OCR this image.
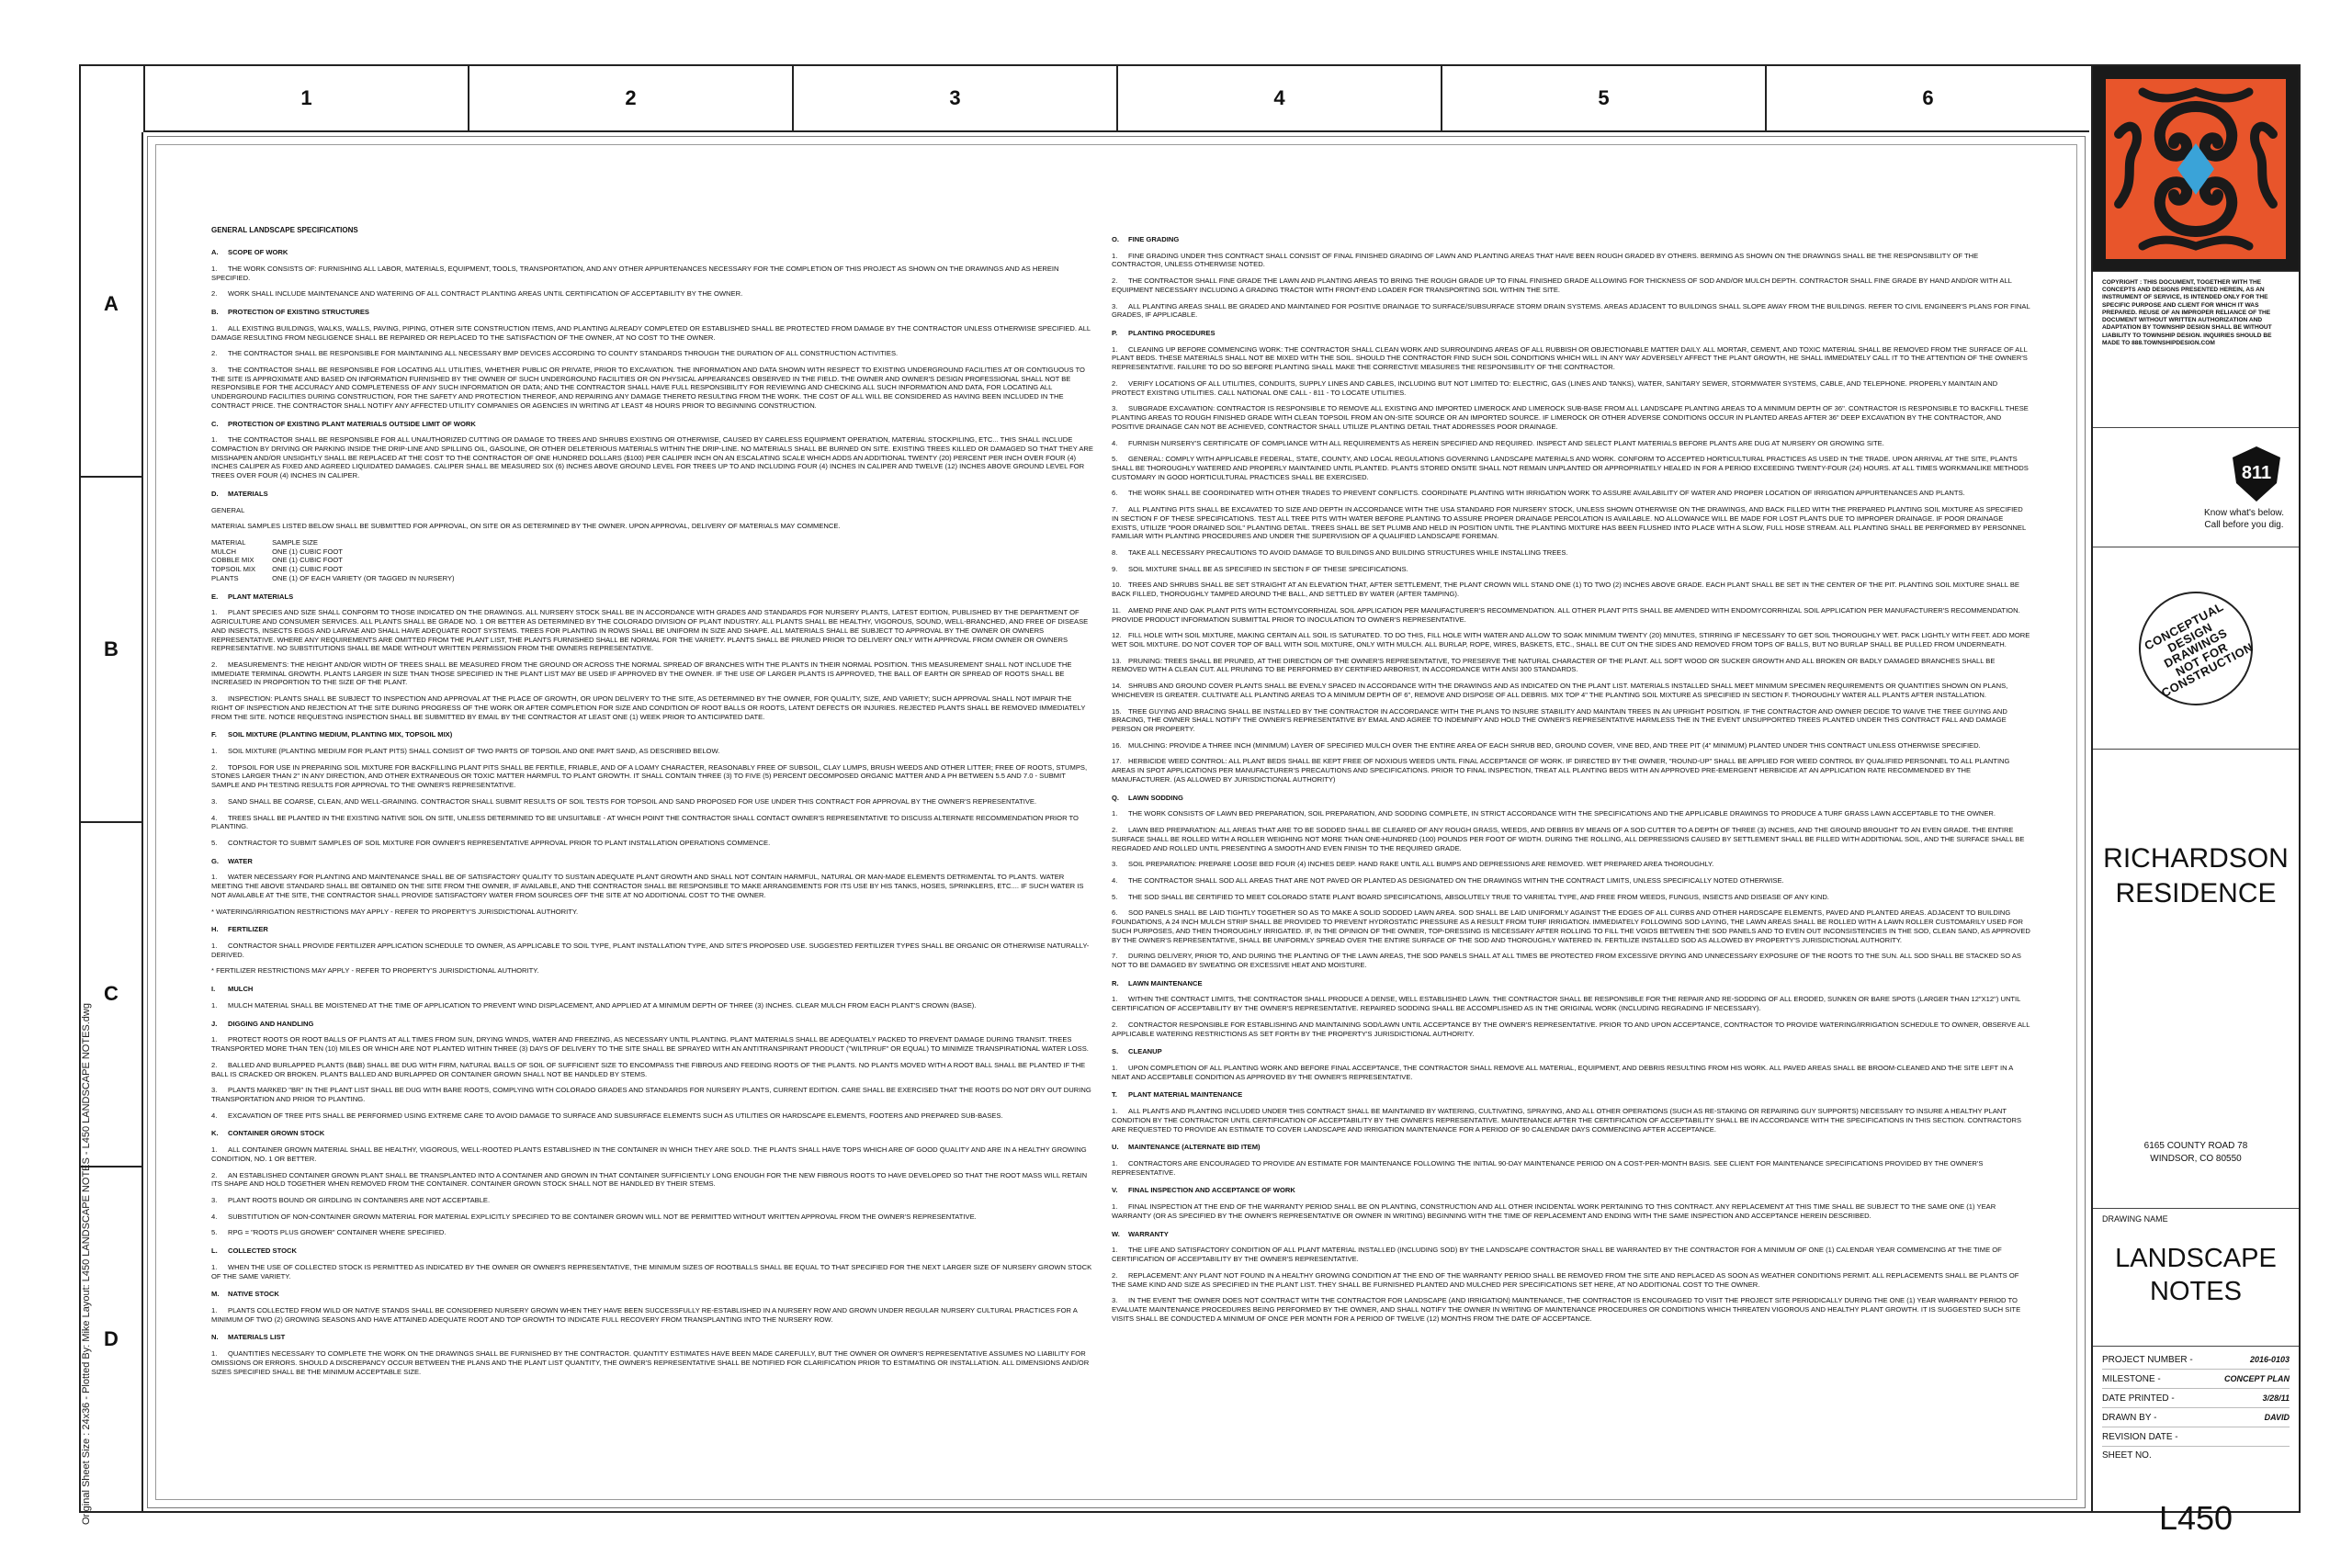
Original Sheet Size : 24x36 - Plotted By: Mike Layout: L450 LANDSCAPE NOTES - L450 LANDSCAPE NOTES.dwg
1	2	3	4	5	6
A
B
C
D
GENERAL LANDSCAPE SPECIFICATIONS
A. SCOPE OF WORK
1. THE WORK CONSISTS OF: FURNISHING ALL LABOR, MATERIALS, EQUIPMENT, TOOLS, TRANSPORTATION, AND ANY OTHER APPURTENANCES NECESSARY FOR THE COMPLETION OF THIS PROJECT AS SHOWN ON THE DRAWINGS AND AS HEREIN SPECIFIED.
2. WORK SHALL INCLUDE MAINTENANCE AND WATERING OF ALL CONTRACT PLANTING AREAS UNTIL CERTIFICATION OF ACCEPTABILITY BY THE OWNER.
B. PROTECTION OF EXISTING STRUCTURES
1. ALL EXISTING BUILDINGS, WALKS, WALLS, PAVING, PIPING, OTHER SITE CONSTRUCTION ITEMS, AND PLANTING ALREADY COMPLETED OR ESTABLISHED SHALL BE PROTECTED FROM DAMAGE BY THE CONTRACTOR UNLESS OTHERWISE SPECIFIED. ALL DAMAGE RESULTING FROM NEGLIGENCE SHALL BE REPAIRED OR REPLACED TO THE SATISFACTION OF THE OWNER, AT NO COST TO THE OWNER.
2. THE CONTRACTOR SHALL BE RESPONSIBLE FOR MAINTAINING ALL NECESSARY BMP DEVICES ACCORDING TO COUNTY STANDARDS THROUGH THE DURATION OF ALL CONSTRUCTION ACTIVITIES.
3. THE CONTRACTOR SHALL BE RESPONSIBLE FOR LOCATING ALL UTILITIES, WHETHER PUBLIC OR PRIVATE, PRIOR TO EXCAVATION. THE INFORMATION AND DATA SHOWN WITH RESPECT TO EXISTING UNDERGROUND FACILITIES AT OR CONTIGUOUS TO THE SITE IS APPROXIMATE AND BASED ON INFORMATION FURNISHED BY THE OWNER OF SUCH UNDERGROUND FACILITIES OR ON PHYSICAL APPEARANCES OBSERVED IN THE FIELD. THE OWNER AND OWNER'S DESIGN PROFESSIONAL SHALL NOT BE RESPONSIBLE FOR THE ACCURACY AND COMPLETENESS OF ANY SUCH INFORMATION OR DATA; AND THE CONTRACTOR SHALL HAVE FULL RESPONSIBILITY FOR REVIEWING AND CHECKING ALL SUCH INFORMATION AND DATA, FOR LOCATING ALL UNDERGROUND FACILITIES DURING CONSTRUCTION, FOR THE SAFETY AND PROTECTION THEREOF, AND REPAIRING ANY DAMAGE THERETO RESULTING FROM THE WORK. THE COST OF ALL WILL BE CONSIDERED AS HAVING BEEN INCLUDED IN THE CONTRACT PRICE. THE CONTRACTOR SHALL NOTIFY ANY AFFECTED UTILITY COMPANIES OR AGENCIES IN WRITING AT LEAST 48 HOURS PRIOR TO BEGINNING CONSTRUCTION.
C. PROTECTION OF EXISTING PLANT MATERIALS OUTSIDE LIMIT OF WORK
1. THE CONTRACTOR SHALL BE RESPONSIBLE FOR ALL UNAUTHORIZED CUTTING OR DAMAGE TO TREES AND SHRUBS EXISTING OR OTHERWISE, CAUSED BY CARELESS EQUIPMENT OPERATION, MATERIAL STOCKPILING, ETC... THIS SHALL INCLUDE COMPACTION BY DRIVING OR PARKING INSIDE THE DRIP-LINE AND SPILLING OIL, GASOLINE, OR OTHER DELETERIOUS MATERIALS WITHIN THE DRIP-LINE. NO MATERIALS SHALL BE BURNED ON SITE. EXISTING TREES KILLED OR DAMAGED SO THAT THEY ARE MISSHAPEN AND/OR UNSIGHTLY SHALL BE REPLACED AT THE COST TO THE CONTRACTOR OF ONE HUNDRED DOLLARS ($100) PER CALIPER INCH ON AN ESCALATING SCALE WHICH ADDS AN ADDITIONAL TWENTY (20) PERCENT PER INCH OVER FOUR (4) INCHES CALIPER AS FIXED AND AGREED LIQUIDATED DAMAGES. CALIPER SHALL BE MEASURED SIX (6) INCHES ABOVE GROUND LEVEL FOR TREES UP TO AND INCLUDING FOUR (4) INCHES IN CALIPER AND TWELVE (12) INCHES ABOVE GROUND LEVEL FOR TREES OVER FOUR (4) INCHES IN CALIPER.
D. MATERIALS
GENERAL
MATERIAL SAMPLES LISTED BELOW SHALL BE SUBMITTED FOR APPROVAL, ON SITE OR AS DETERMINED BY THE OWNER. UPON APPROVAL, DELIVERY OF MATERIALS MAY COMMENCE.
MATERIAL	SAMPLE SIZE
MULCH	ONE (1) CUBIC FOOT
COBBLE MIX	ONE (1) CUBIC FOOT
TOPSOIL MIX	ONE (1) CUBIC FOOT
PLANTS	ONE (1) OF EACH VARIETY (OR TAGGED IN NURSERY)
E. PLANT MATERIALS
1. PLANT SPECIES AND SIZE SHALL CONFORM TO THOSE INDICATED ON THE DRAWINGS. ALL NURSERY STOCK SHALL BE IN ACCORDANCE WITH GRADES AND STANDARDS FOR NURSERY PLANTS, LATEST EDITION, PUBLISHED BY THE DEPARTMENT OF AGRICULTURE AND CONSUMER SERVICES. ALL PLANTS SHALL BE GRADE NO. 1 OR BETTER AS DETERMINED BY THE COLORADO DIVISION OF PLANT INDUSTRY. ALL PLANTS SHALL BE HEALTHY, VIGOROUS, SOUND, WELL-BRANCHED, AND FREE OF DISEASE AND INSECTS, INSECTS EGGS AND LARVAE AND SHALL HAVE ADEQUATE ROOT SYSTEMS. TREES FOR PLANTING IN ROWS SHALL BE UNIFORM IN SIZE AND SHAPE. ALL MATERIALS SHALL BE SUBJECT TO APPROVAL BY THE OWNER OR OWNERS REPRESENTATIVE. WHERE ANY REQUIREMENTS ARE OMITTED FROM THE PLANT LIST, THE PLANTS FURNISHED SHALL BE NORMAL FOR THE VARIETY. PLANTS SHALL BE PRUNED PRIOR TO DELIVERY ONLY WITH APPROVAL FROM OWNER OR OWNERS REPRESENTATIVE. NO SUBSTITUTIONS SHALL BE MADE WITHOUT WRITTEN PERMISSION FROM THE OWNERS REPRESENTATIVE.
2. MEASUREMENTS: THE HEIGHT AND/OR WIDTH OF TREES SHALL BE MEASURED FROM THE GROUND OR ACROSS THE NORMAL SPREAD OF BRANCHES WITH THE PLANTS IN THEIR NORMAL POSITION. THIS MEASUREMENT SHALL NOT INCLUDE THE IMMEDIATE TERMINAL GROWTH. PLANTS LARGER IN SIZE THAN THOSE SPECIFIED IN THE PLANT LIST MAY BE USED IF APPROVED BY THE OWNER. IF THE USE OF LARGER PLANTS IS APPROVED, THE BALL OF EARTH OR SPREAD OF ROOTS SHALL BE INCREASED IN PROPORTION TO THE SIZE OF THE PLANT.
3. INSPECTION: PLANTS SHALL BE SUBJECT TO INSPECTION AND APPROVAL AT THE PLACE OF GROWTH, OR UPON DELIVERY TO THE SITE, AS DETERMINED BY THE OWNER, FOR QUALITY, SIZE, AND VARIETY; SUCH APPROVAL SHALL NOT IMPAIR THE RIGHT OF INSPECTION AND REJECTION AT THE SITE DURING PROGRESS OF THE WORK OR AFTER COMPLETION FOR SIZE AND CONDITION OF ROOT BALLS OR ROOTS, LATENT DEFECTS OR INJURIES. REJECTED PLANTS SHALL BE REMOVED IMMEDIATELY FROM THE SITE. NOTICE REQUESTING INSPECTION SHALL BE SUBMITTED BY EMAIL BY THE CONTRACTOR AT LEAST ONE (1) WEEK PRIOR TO ANTICIPATED DATE.
F. SOIL MIXTURE (PLANTING MEDIUM, PLANTING MIX, TOPSOIL MIX)
1. SOIL MIXTURE (PLANTING MEDIUM FOR PLANT PITS) SHALL CONSIST OF TWO PARTS OF TOPSOIL AND ONE PART SAND, AS DESCRIBED BELOW.
2. TOPSOIL FOR USE IN PREPARING SOIL MIXTURE FOR BACKFILLING PLANT PITS SHALL BE FERTILE, FRIABLE, AND OF A LOAMY CHARACTER, REASONABLY FREE OF SUBSOIL, CLAY LUMPS, BRUSH WEEDS AND OTHER LITTER; FREE OF ROOTS, STUMPS, STONES LARGER THAN 2" IN ANY DIRECTION, AND OTHER EXTRANEOUS OR TOXIC MATTER HARMFUL TO PLANT GROWTH. IT SHALL CONTAIN THREE (3) TO FIVE (5) PERCENT DECOMPOSED ORGANIC MATTER AND A PH BETWEEN 5.5 AND 7.0 - SUBMIT SAMPLE AND PH TESTING RESULTS FOR APPROVAL TO THE OWNER'S REPRESENTATIVE.
3. SAND SHALL BE COARSE, CLEAN, AND WELL-GRAINING. CONTRACTOR SHALL SUBMIT RESULTS OF SOIL TESTS FOR TOPSOIL AND SAND PROPOSED FOR USE UNDER THIS CONTRACT FOR APPROVAL BY THE OWNER'S REPRESENTATIVE.
4. TREES SHALL BE PLANTED IN THE EXISTING NATIVE SOIL ON SITE, UNLESS DETERMINED TO BE UNSUITABLE - AT WHICH POINT THE CONTRACTOR SHALL CONTACT OWNER'S REPRESENTATIVE TO DISCUSS ALTERNATE RECOMMENDATION PRIOR TO PLANTING.
5. CONTRACTOR TO SUBMIT SAMPLES OF SOIL MIXTURE FOR OWNER'S REPRESENTATIVE APPROVAL PRIOR TO PLANT INSTALLATION OPERATIONS COMMENCE.
G. WATER
1. WATER NECESSARY FOR PLANTING AND MAINTENANCE SHALL BE OF SATISFACTORY QUALITY TO SUSTAIN ADEQUATE PLANT GROWTH AND SHALL NOT CONTAIN HARMFUL, NATURAL OR MAN-MADE ELEMENTS DETRIMENTAL TO PLANTS. WATER MEETING THE ABOVE STANDARD SHALL BE OBTAINED ON THE SITE FROM THE OWNER, IF AVAILABLE, AND THE CONTRACTOR SHALL BE RESPONSIBLE TO MAKE ARRANGEMENTS FOR ITS USE BY HIS TANKS, HOSES, SPRINKLERS, ETC.... IF SUCH WATER IS NOT AVAILABLE AT THE SITE, THE CONTRACTOR SHALL PROVIDE SATISFACTORY WATER FROM SOURCES OFF THE SITE AT NO ADDITIONAL COST TO THE OWNER.
* WATERING/IRRIGATION RESTRICTIONS MAY APPLY - REFER TO PROPERTY'S JURISDICTIONAL AUTHORITY.
H. FERTILIZER
1. CONTRACTOR SHALL PROVIDE FERTILIZER APPLICATION SCHEDULE TO OWNER, AS APPLICABLE TO SOIL TYPE, PLANT INSTALLATION TYPE, AND SITE'S PROPOSED USE. SUGGESTED FERTILIZER TYPES SHALL BE ORGANIC OR OTHERWISE NATURALLY-DERIVED.
* FERTILIZER RESTRICTIONS MAY APPLY - REFER TO PROPERTY'S JURISDICTIONAL AUTHORITY.
I. MULCH
1. MULCH MATERIAL SHALL BE MOISTENED AT THE TIME OF APPLICATION TO PREVENT WIND DISPLACEMENT, AND APPLIED AT A MINIMUM DEPTH OF THREE (3) INCHES. CLEAR MULCH FROM EACH PLANT'S CROWN (BASE).
J. DIGGING AND HANDLING
1. PROTECT ROOTS OR ROOT BALLS OF PLANTS AT ALL TIMES FROM SUN, DRYING WINDS, WATER AND FREEZING, AS NECESSARY UNTIL PLANTING. PLANT MATERIALS SHALL BE ADEQUATELY PACKED TO PREVENT DAMAGE DURING TRANSIT. TREES TRANSPORTED MORE THAN TEN (10) MILES OR WHICH ARE NOT PLANTED WITHIN THREE (3) DAYS OF DELIVERY TO THE SITE SHALL BE SPRAYED WITH AN ANTITRANSPIRANT PRODUCT ("WILTPRUF" OR EQUAL) TO MINIMIZE TRANSPIRATIONAL WATER LOSS.
2. BALLED AND BURLAPPED PLANTS (B&B) SHALL BE DUG WITH FIRM, NATURAL BALLS OF SOIL OF SUFFICIENT SIZE TO ENCOMPASS THE FIBROUS AND FEEDING ROOTS OF THE PLANTS. NO PLANTS MOVED WITH A ROOT BALL SHALL BE PLANTED IF THE BALL IS CRACKED OR BROKEN. PLANTS BALLED AND BURLAPPED OR CONTAINER GROWN SHALL NOT BE HANDLED BY STEMS.
3. PLANTS MARKED "BR" IN THE PLANT LIST SHALL BE DUG WITH BARE ROOTS, COMPLYING WITH COLORADO GRADES AND STANDARDS FOR NURSERY PLANTS, CURRENT EDITION. CARE SHALL BE EXERCISED THAT THE ROOTS DO NOT DRY OUT DURING TRANSPORTATION AND PRIOR TO PLANTING.
4. EXCAVATION OF TREE PITS SHALL BE PERFORMED USING EXTREME CARE TO AVOID DAMAGE TO SURFACE AND SUBSURFACE ELEMENTS SUCH AS UTILITIES OR HARDSCAPE ELEMENTS, FOOTERS AND PREPARED SUB-BASES.
K. CONTAINER GROWN STOCK
1. ALL CONTAINER GROWN MATERIAL SHALL BE HEALTHY, VIGOROUS, WELL-ROOTED PLANTS ESTABLISHED IN THE CONTAINER IN WHICH THEY ARE SOLD. THE PLANTS SHALL HAVE TOPS WHICH ARE OF GOOD QUALITY AND ARE IN A HEALTHY GROWING CONDITION, NO. 1 OR BETTER.
2. AN ESTABLISHED CONTAINER GROWN PLANT SHALL BE TRANSPLANTED INTO A CONTAINER AND GROWN IN THAT CONTAINER SUFFICIENTLY LONG ENOUGH FOR THE NEW FIBROUS ROOTS TO HAVE DEVELOPED SO THAT THE ROOT MASS WILL RETAIN ITS SHAPE AND HOLD TOGETHER WHEN REMOVED FROM THE CONTAINER. CONTAINER GROWN STOCK SHALL NOT BE HANDLED BY THEIR STEMS.
3. PLANT ROOTS BOUND OR GIRDLING IN CONTAINERS ARE NOT ACCEPTABLE.
4. SUBSTITUTION OF NON-CONTAINER GROWN MATERIAL FOR MATERIAL EXPLICITLY SPECIFIED TO BE CONTAINER GROWN WILL NOT BE PERMITTED WITHOUT WRITTEN APPROVAL FROM THE OWNER'S REPRESENTATIVE.
5. RPG = "ROOTS PLUS GROWER" CONTAINER WHERE SPECIFIED.
L. COLLECTED STOCK
1. WHEN THE USE OF COLLECTED STOCK IS PERMITTED AS INDICATED BY THE OWNER OR OWNER'S REPRESENTATIVE, THE MINIMUM SIZES OF ROOTBALLS SHALL BE EQUAL TO THAT SPECIFIED FOR THE NEXT LARGER SIZE OF NURSERY GROWN STOCK OF THE SAME VARIETY.
M. NATIVE STOCK
1. PLANTS COLLECTED FROM WILD OR NATIVE STANDS SHALL BE CONSIDERED NURSERY GROWN WHEN THEY HAVE BEEN SUCCESSFULLY RE-ESTABLISHED IN A NURSERY ROW AND GROWN UNDER REGULAR NURSERY CULTURAL PRACTICES FOR A MINIMUM OF TWO (2) GROWING SEASONS AND HAVE ATTAINED ADEQUATE ROOT AND TOP GROWTH TO INDICATE FULL RECOVERY FROM TRANSPLANTING INTO THE NURSERY ROW.
N. MATERIALS LIST
1. QUANTITIES NECESSARY TO COMPLETE THE WORK ON THE DRAWINGS SHALL BE FURNISHED BY THE CONTRACTOR. QUANTITY ESTIMATES HAVE BEEN MADE CAREFULLY, BUT THE OWNER OR OWNER'S REPRESENTATIVE ASSUMES NO LIABILITY FOR OMISSIONS OR ERRORS. SHOULD A DISCREPANCY OCCUR BETWEEN THE PLANS AND THE PLANT LIST QUANTITY, THE OWNER'S REPRESENTATIVE SHALL BE NOTIFIED FOR CLARIFICATION PRIOR TO ESTIMATING OR INSTALLATION. ALL DIMENSIONS AND/OR SIZES SPECIFIED SHALL BE THE MINIMUM ACCEPTABLE SIZE.
O. FINE GRADING
1. FINE GRADING UNDER THIS CONTRACT SHALL CONSIST OF FINAL FINISHED GRADING OF LAWN AND PLANTING AREAS THAT HAVE BEEN ROUGH GRADED BY OTHERS. BERMING AS SHOWN ON THE DRAWINGS SHALL BE THE RESPONSIBILITY OF THE CONTRACTOR, UNLESS OTHERWISE NOTED.
2. THE CONTRACTOR SHALL FINE GRADE THE LAWN AND PLANTING AREAS TO BRING THE ROUGH GRADE UP TO FINAL FINISHED GRADE ALLOWING FOR THICKNESS OF SOD AND/OR MULCH DEPTH. CONTRACTOR SHALL FINE GRADE BY HAND AND/OR WITH ALL EQUIPMENT NECESSARY INCLUDING A GRADING TRACTOR WITH FRONT-END LOADER FOR TRANSPORTING SOIL WITHIN THE SITE.
3. ALL PLANTING AREAS SHALL BE GRADED AND MAINTAINED FOR POSITIVE DRAINAGE TO SURFACE/SUBSURFACE STORM DRAIN SYSTEMS. AREAS ADJACENT TO BUILDINGS SHALL SLOPE AWAY FROM THE BUILDINGS. REFER TO CIVIL ENGINEER'S PLANS FOR FINAL GRADES, IF APPLICABLE.
P. PLANTING PROCEDURES
1. CLEANING UP BEFORE COMMENCING WORK: THE CONTRACTOR SHALL CLEAN WORK AND SURROUNDING AREAS OF ALL RUBBISH OR OBJECTIONABLE MATTER DAILY. ALL MORTAR, CEMENT, AND TOXIC MATERIAL SHALL BE REMOVED FROM THE SURFACE OF ALL PLANT BEDS. THESE MATERIALS SHALL NOT BE MIXED WITH THE SOIL. SHOULD THE CONTRACTOR FIND SUCH SOIL CONDITIONS WHICH WILL IN ANY WAY ADVERSELY AFFECT THE PLANT GROWTH, HE SHALL IMMEDIATELY CALL IT TO THE ATTENTION OF THE OWNER'S REPRESENTATIVE. FAILURE TO DO SO BEFORE PLANTING SHALL MAKE THE CORRECTIVE MEASURES THE RESPONSIBILITY OF THE CONTRACTOR.
2. VERIFY LOCATIONS OF ALL UTILITIES, CONDUITS, SUPPLY LINES AND CABLES, INCLUDING BUT NOT LIMITED TO: ELECTRIC, GAS (LINES AND TANKS), WATER, SANITARY SEWER, STORMWATER SYSTEMS, CABLE, AND TELEPHONE. PROPERLY MAINTAIN AND PROTECT EXISTING UTILITIES. CALL NATIONAL ONE CALL - 811 - TO LOCATE UTILITIES.
3. SUBGRADE EXCAVATION: CONTRACTOR IS RESPONSIBLE TO REMOVE ALL EXISTING AND IMPORTED LIMEROCK AND LIMEROCK SUB-BASE FROM ALL LANDSCAPE PLANTING AREAS TO A MINIMUM DEPTH OF 36". CONTRACTOR IS RESPONSIBLE TO BACKFILL THESE PLANTING AREAS TO ROUGH FINISHED GRADE WITH CLEAN TOPSOIL FROM AN ON-SITE SOURCE OR AN IMPORTED SOURCE. IF LIMEROCK OR OTHER ADVERSE CONDITIONS OCCUR IN PLANTED AREAS AFTER 36" DEEP EXCAVATION BY THE CONTRACTOR, AND POSITIVE DRAINAGE CAN NOT BE ACHIEVED, CONTRACTOR SHALL UTILIZE PLANTING DETAIL THAT ADDRESSES POOR DRAINAGE.
4. FURNISH NURSERY'S CERTIFICATE OF COMPLIANCE WITH ALL REQUIREMENTS AS HEREIN SPECIFIED AND REQUIRED. INSPECT AND SELECT PLANT MATERIALS BEFORE PLANTS ARE DUG AT NURSERY OR GROWING SITE.
5. GENERAL: COMPLY WITH APPLICABLE FEDERAL, STATE, COUNTY, AND LOCAL REGULATIONS GOVERNING LANDSCAPE MATERIALS AND WORK. CONFORM TO ACCEPTED HORTICULTURAL PRACTICES AS USED IN THE TRADE. UPON ARRIVAL AT THE SITE, PLANTS SHALL BE THOROUGHLY WATERED AND PROPERLY MAINTAINED UNTIL PLANTED. PLANTS STORED ONSITE SHALL NOT REMAIN UNPLANTED OR APPROPRIATELY HEALED IN FOR A PERIOD EXCEEDING TWENTY-FOUR (24) HOURS. AT ALL TIMES WORKMANLIKE METHODS CUSTOMARY IN GOOD HORTICULTURAL PRACTICES SHALL BE EXERCISED.
6. THE WORK SHALL BE COORDINATED WITH OTHER TRADES TO PREVENT CONFLICTS. COORDINATE PLANTING WITH IRRIGATION WORK TO ASSURE AVAILABILITY OF WATER AND PROPER LOCATION OF IRRIGATION APPURTENANCES AND PLANTS.
7. ALL PLANTING PITS SHALL BE EXCAVATED TO SIZE AND DEPTH IN ACCORDANCE WITH THE USA STANDARD FOR NURSERY STOCK, UNLESS SHOWN OTHERWISE ON THE DRAWINGS, AND BACK FILLED WITH THE PREPARED PLANTING SOIL MIXTURE AS SPECIFIED IN SECTION F OF THESE SPECIFICATIONS. TEST ALL TREE PITS WITH WATER BEFORE PLANTING TO ASSURE PROPER DRAINAGE PERCOLATION IS AVAILABLE. NO ALLOWANCE WILL BE MADE FOR LOST PLANTS DUE TO IMPROPER DRAINAGE. IF POOR DRAINAGE EXISTS, UTILIZE "POOR DRAINED SOIL" PLANTING DETAIL. TREES SHALL BE SET PLUMB AND HELD IN POSITION UNTIL THE PLANTING MIXTURE HAS BEEN FLUSHED INTO PLACE WITH A SLOW, FULL HOSE STREAM. ALL PLANTING SHALL BE PERFORMED BY PERSONNEL FAMILIAR WITH PLANTING PROCEDURES AND UNDER THE SUPERVISION OF A QUALIFIED LANDSCAPE FOREMAN.
8. TAKE ALL NECESSARY PRECAUTIONS TO AVOID DAMAGE TO BUILDINGS AND BUILDING STRUCTURES WHILE INSTALLING TREES.
9. SOIL MIXTURE SHALL BE AS SPECIFIED IN SECTION F OF THESE SPECIFICATIONS.
10. TREES AND SHRUBS SHALL BE SET STRAIGHT AT AN ELEVATION THAT, AFTER SETTLEMENT, THE PLANT CROWN WILL STAND ONE (1) TO TWO (2) INCHES ABOVE GRADE. EACH PLANT SHALL BE SET IN THE CENTER OF THE PIT. PLANTING SOIL MIXTURE SHALL BE BACK FILLED, THOROUGHLY TAMPED AROUND THE BALL, AND SETTLED BY WATER (AFTER TAMPING).
11. AMEND PINE AND OAK PLANT PITS WITH ECTOMYCORRHIZAL SOIL APPLICATION PER MANUFACTURER'S RECOMMENDATION. ALL OTHER PLANT PITS SHALL BE AMENDED WITH ENDOMYCORRHIZAL SOIL APPLICATION PER MANUFACTURER'S RECOMMENDATION. PROVIDE PRODUCT INFORMATION SUBMITTAL PRIOR TO INOCULATION TO OWNER'S REPRESENTATIVE.
12. FILL HOLE WITH SOIL MIXTURE, MAKING CERTAIN ALL SOIL IS SATURATED. TO DO THIS, FILL HOLE WITH WATER AND ALLOW TO SOAK MINIMUM TWENTY (20) MINUTES, STIRRING IF NECESSARY TO GET SOIL THOROUGHLY WET. PACK LIGHTLY WITH FEET. ADD MORE WET SOIL MIXTURE. DO NOT COVER TOP OF BALL WITH SOIL MIXTURE, ONLY WITH MULCH. ALL BURLAP, ROPE, WIRES, BASKETS, ETC., SHALL BE CUT ON THE SIDES AND REMOVED FROM TOPS OF BALLS, BUT NO BURLAP SHALL BE PULLED FROM UNDERNEATH.
13. PRUNING: TREES SHALL BE PRUNED, AT THE DIRECTION OF THE OWNER'S REPRESENTATIVE, TO PRESERVE THE NATURAL CHARACTER OF THE PLANT. ALL SOFT WOOD OR SUCKER GROWTH AND ALL BROKEN OR BADLY DAMAGED BRANCHES SHALL BE REMOVED WITH A CLEAN CUT. ALL PRUNING TO BE PERFORMED BY CERTIFIED ARBORIST, IN ACCORDANCE WITH ANSI 300 STANDARDS.
14. SHRUBS AND GROUND COVER PLANTS SHALL BE EVENLY SPACED IN ACCORDANCE WITH THE DRAWINGS AND AS INDICATED ON THE PLANT LIST. MATERIALS INSTALLED SHALL MEET MINIMUM SPECIMEN REQUIREMENTS OR QUANTITIES SHOWN ON PLANS, WHICHEVER IS GREATER. CULTIVATE ALL PLANTING AREAS TO A MINIMUM DEPTH OF 6", REMOVE AND DISPOSE OF ALL DEBRIS. MIX TOP 4" THE PLANTING SOIL MIXTURE AS SPECIFIED IN SECTION F. THOROUGHLY WATER ALL PLANTS AFTER INSTALLATION.
15. TREE GUYING AND BRACING SHALL BE INSTALLED BY THE CONTRACTOR IN ACCORDANCE WITH THE PLANS TO INSURE STABILITY AND MAINTAIN TREES IN AN UPRIGHT POSITION. IF THE CONTRACTOR AND OWNER DECIDE TO WAIVE THE TREE GUYING AND BRACING, THE OWNER SHALL NOTIFY THE OWNER'S REPRESENTATIVE BY EMAIL AND AGREE TO INDEMNIFY AND HOLD THE OWNER'S REPRESENTATIVE HARMLESS THE IN THE EVENT UNSUPPORTED TREES PLANTED UNDER THIS CONTRACT FALL AND DAMAGE PERSON OR PROPERTY.
16. MULCHING: PROVIDE A THREE INCH (MINIMUM) LAYER OF SPECIFIED MULCH OVER THE ENTIRE AREA OF EACH SHRUB BED, GROUND COVER, VINE BED, AND TREE PIT (4" MINIMUM) PLANTED UNDER THIS CONTRACT UNLESS OTHERWISE SPECIFIED.
17. HERBICIDE WEED CONTROL: ALL PLANT BEDS SHALL BE KEPT FREE OF NOXIOUS WEEDS UNTIL FINAL ACCEPTANCE OF WORK. IF DIRECTED BY THE OWNER, "ROUND-UP" SHALL BE APPLIED FOR WEED CONTROL BY QUALIFIED PERSONNEL TO ALL PLANTING AREAS IN SPOT APPLICATIONS PER MANUFACTURER'S PRECAUTIONS AND SPECIFICATIONS. PRIOR TO FINAL INSPECTION, TREAT ALL PLANTING BEDS WITH AN APPROVED PRE-EMERGENT HERBICIDE AT AN APPLICATION RATE RECOMMENDED BY THE MANUFACTURER. (AS ALLOWED BY JURISDICTIONAL AUTHORITY)
Q. LAWN SODDING
1. THE WORK CONSISTS OF LAWN BED PREPARATION, SOIL PREPARATION, AND SODDING COMPLETE, IN STRICT ACCORDANCE WITH THE SPECIFICATIONS AND THE APPLICABLE DRAWINGS TO PRODUCE A TURF GRASS LAWN ACCEPTABLE TO THE OWNER.
2. LAWN BED PREPARATION: ALL AREAS THAT ARE TO BE SODDED SHALL BE CLEARED OF ANY ROUGH GRASS, WEEDS, AND DEBRIS BY MEANS OF A SOD CUTTER TO A DEPTH OF THREE (3) INCHES, AND THE GROUND BROUGHT TO AN EVEN GRADE. THE ENTIRE SURFACE SHALL BE ROLLED WITH A ROLLER WEIGHING NOT MORE THAN ONE-HUNDRED (100) POUNDS PER FOOT OF WIDTH. DURING THE ROLLING, ALL DEPRESSIONS CAUSED BY SETTLEMENT SHALL BE FILLED WITH ADDITIONAL SOIL, AND THE SURFACE SHALL BE REGRADED AND ROLLED UNTIL PRESENTING A SMOOTH AND EVEN FINISH TO THE REQUIRED GRADE.
3. SOIL PREPARATION: PREPARE LOOSE BED FOUR (4) INCHES DEEP. HAND RAKE UNTIL ALL BUMPS AND DEPRESSIONS ARE REMOVED. WET PREPARED AREA THOROUGHLY.
4. THE CONTRACTOR SHALL SOD ALL AREAS THAT ARE NOT PAVED OR PLANTED AS DESIGNATED ON THE DRAWINGS WITHIN THE CONTRACT LIMITS, UNLESS SPECIFICALLY NOTED OTHERWISE.
5. THE SOD SHALL BE CERTIFIED TO MEET COLORADO STATE PLANT BOARD SPECIFICATIONS, ABSOLUTELY TRUE TO VARIETAL TYPE, AND FREE FROM WEEDS, FUNGUS, INSECTS AND DISEASE OF ANY KIND.
6. SOD PANELS SHALL BE LAID TIGHTLY TOGETHER SO AS TO MAKE A SOLID SODDED LAWN AREA. SOD SHALL BE LAID UNIFORMLY AGAINST THE EDGES OF ALL CURBS AND OTHER HARDSCAPE ELEMENTS, PAVED AND PLANTED AREAS. ADJACENT TO BUILDING FOUNDATIONS, A 24 INCH MULCH STRIP SHALL BE PROVIDED TO PREVENT HYDROSTATIC PRESSURE AS A RESULT FROM TURF IRRIGATION. IMMEDIATELY FOLLOWING SOD LAYING, THE LAWN AREAS SHALL BE ROLLED WITH A LAWN ROLLER CUSTOMARILY USED FOR SUCH PURPOSES, AND THEN THOROUGHLY IRRIGATED. IF, IN THE OPINION OF THE OWNER, TOP-DRESSING IS NECESSARY AFTER ROLLING TO FILL THE VOIDS BETWEEN THE SOD PANELS AND TO EVEN OUT INCONSISTENCIES IN THE SOD, CLEAN SAND, AS APPROVED BY THE OWNER'S REPRESENTATIVE, SHALL BE UNIFORMLY SPREAD OVER THE ENTIRE SURFACE OF THE SOD AND THOROUGHLY WATERED IN. FERTILIZE INSTALLED SOD AS ALLOWED BY PROPERTY'S JURISDICTIONAL AUTHORITY.
7. DURING DELIVERY, PRIOR TO, AND DURING THE PLANTING OF THE LAWN AREAS, THE SOD PANELS SHALL AT ALL TIMES BE PROTECTED FROM EXCESSIVE DRYING AND UNNECESSARY EXPOSURE OF THE ROOTS TO THE SUN. ALL SOD SHALL BE STACKED SO AS NOT TO BE DAMAGED BY SWEATING OR EXCESSIVE HEAT AND MOISTURE.
R. LAWN MAINTENANCE
1. WITHIN THE CONTRACT LIMITS, THE CONTRACTOR SHALL PRODUCE A DENSE, WELL ESTABLISHED LAWN. THE CONTRACTOR SHALL BE RESPONSIBLE FOR THE REPAIR AND RE-SODDING OF ALL ERODED, SUNKEN OR BARE SPOTS (LARGER THAN 12"X12") UNTIL CERTIFICATION OF ACCEPTABILITY BY THE OWNER'S REPRESENTATIVE. REPAIRED SODDING SHALL BE ACCOMPLISHED AS IN THE ORIGINAL WORK (INCLUDING REGRADING IF NECESSARY).
2. CONTRACTOR RESPONSIBLE FOR ESTABLISHING AND MAINTAINING SOD/LAWN UNTIL ACCEPTANCE BY THE OWNER'S REPRESENTATIVE. PRIOR TO AND UPON ACCEPTANCE, CONTRACTOR TO PROVIDE WATERING/IRRIGATION SCHEDULE TO OWNER, OBSERVE ALL APPLICABLE WATERING RESTRICTIONS AS SET FORTH BY THE PROPERTY'S JURISDICTIONAL AUTHORITY.
S. CLEANUP
1. UPON COMPLETION OF ALL PLANTING WORK AND BEFORE FINAL ACCEPTANCE, THE CONTRACTOR SHALL REMOVE ALL MATERIAL, EQUIPMENT, AND DEBRIS RESULTING FROM HIS WORK. ALL PAVED AREAS SHALL BE BROOM-CLEANED AND THE SITE LEFT IN A NEAT AND ACCEPTABLE CONDITION AS APPROVED BY THE OWNER'S REPRESENTATIVE.
T. PLANT MATERIAL MAINTENANCE
1. ALL PLANTS AND PLANTING INCLUDED UNDER THIS CONTRACT SHALL BE MAINTAINED BY WATERING, CULTIVATING, SPRAYING, AND ALL OTHER OPERATIONS (SUCH AS RE-STAKING OR REPAIRING GUY SUPPORTS) NECESSARY TO INSURE A HEALTHY PLANT CONDITION BY THE CONTRACTOR UNTIL CERTIFICATION OF ACCEPTABILITY BY THE OWNER'S REPRESENTATIVE. MAINTENANCE AFTER THE CERTIFICATION OF ACCEPTABILITY SHALL BE IN ACCORDANCE WITH THE SPECIFICATIONS IN THIS SECTION. CONTRACTORS ARE REQUESTED TO PROVIDE AN ESTIMATE TO COVER LANDSCAPE AND IRRIGATION MAINTENANCE FOR A PERIOD OF 90 CALENDAR DAYS COMMENCING AFTER ACCEPTANCE.
U. MAINTENANCE (ALTERNATE BID ITEM)
1. CONTRACTORS ARE ENCOURAGED TO PROVIDE AN ESTIMATE FOR MAINTENANCE FOLLOWING THE INITIAL 90-DAY MAINTENANCE PERIOD ON A COST-PER-MONTH BASIS. SEE CLIENT FOR MAINTENANCE SPECIFICATIONS PROVIDED BY THE OWNER'S REPRESENTATIVE.
V. FINAL INSPECTION AND ACCEPTANCE OF WORK
1. FINAL INSPECTION AT THE END OF THE WARRANTY PERIOD SHALL BE ON PLANTING, CONSTRUCTION AND ALL OTHER INCIDENTAL WORK PERTAINING TO THIS CONTRACT. ANY REPLACEMENT AT THIS TIME SHALL BE SUBJECT TO THE SAME ONE (1) YEAR WARRANTY (OR AS SPECIFIED BY THE OWNER'S REPRESENTATIVE OR OWNER IN WRITING) BEGINNING WITH THE TIME OF REPLACEMENT AND ENDING WITH THE SAME INSPECTION AND ACCEPTANCE HEREIN DESCRIBED.
W. WARRANTY
1. THE LIFE AND SATISFACTORY CONDITION OF ALL PLANT MATERIAL INSTALLED (INCLUDING SOD) BY THE LANDSCAPE CONTRACTOR SHALL BE WARRANTED BY THE CONTRACTOR FOR A MINIMUM OF ONE (1) CALENDAR YEAR COMMENCING AT THE TIME OF CERTIFICATION OF ACCEPTABILITY BY THE OWNER'S REPRESENTATIVE.
2. REPLACEMENT: ANY PLANT NOT FOUND IN A HEALTHY GROWING CONDITION AT THE END OF THE WARRANTY PERIOD SHALL BE REMOVED FROM THE SITE AND REPLACED AS SOON AS WEATHER CONDITIONS PERMIT. ALL REPLACEMENTS SHALL BE PLANTS OF THE SAME KIND AND SIZE AS SPECIFIED IN THE PLANT LIST. THEY SHALL BE FURNISHED PLANTED AND MULCHED PER SPECIFICATIONS SET HERE, AT NO ADDITIONAL COST TO THE OWNER.
3. IN THE EVENT THE OWNER DOES NOT CONTRACT WITH THE CONTRACTOR FOR LANDSCAPE (AND IRRIGATION) MAINTENANCE, THE CONTRACTOR IS ENCOURAGED TO VISIT THE PROJECT SITE PERIODICALLY DURING THE ONE (1) YEAR WARRANTY PERIOD TO EVALUATE MAINTENANCE PROCEDURES BEING PERFORMED BY THE OWNER, AND SHALL NOTIFY THE OWNER IN WRITING OF MAINTENANCE PROCEDURES OR CONDITIONS WHICH THREATEN VIGOROUS AND HEALTHY PLANT GROWTH. IT IS SUGGESTED SUCH SITE VISITS SHALL BE CONDUCTED A MINIMUM OF ONCE PER MONTH FOR A PERIOD OF TWELVE (12) MONTHS FROM THE DATE OF ACCEPTANCE.
COPYRIGHT : THIS DOCUMENT, TOGETHER WITH THE CONCEPTS AND DESIGNS PRESENTED HEREIN, AS AN INSTRUMENT OF SERVICE, IS INTENDED ONLY FOR THE SPECIFIC PURPOSE AND CLIENT FOR WHICH IT WAS PREPARED. REUSE OF AN IMPROPER RELIANCE OF THE DOCUMENT WITHOUT WRITTEN AUTHORIZATION AND ADAPTATION BY TOWNSHIP DESIGN SHALL BE WITHOUT LIABILITY TO TOWNSHIP DESIGN. INQUIRIES SHOULD BE MADE TO 888.TOWNSHIPDESIGN.COM
811
Know what's below.
Call before you dig.
CONCEPTUAL
DESIGN
DRAWINGS
NOT FOR
CONSTRUCTION
RICHARDSON
RESIDENCE
6165 COUNTY ROAD 78
WINDSOR, CO 80550
DRAWING NAME
LANDSCAPE
NOTES
PROJECT NUMBER -	2016-0103
MILESTONE -	CONCEPT PLAN
DATE PRINTED -	3/28/11
DRAWN BY -	DAVID
REVISION DATE -
SHEET NO.
L450
